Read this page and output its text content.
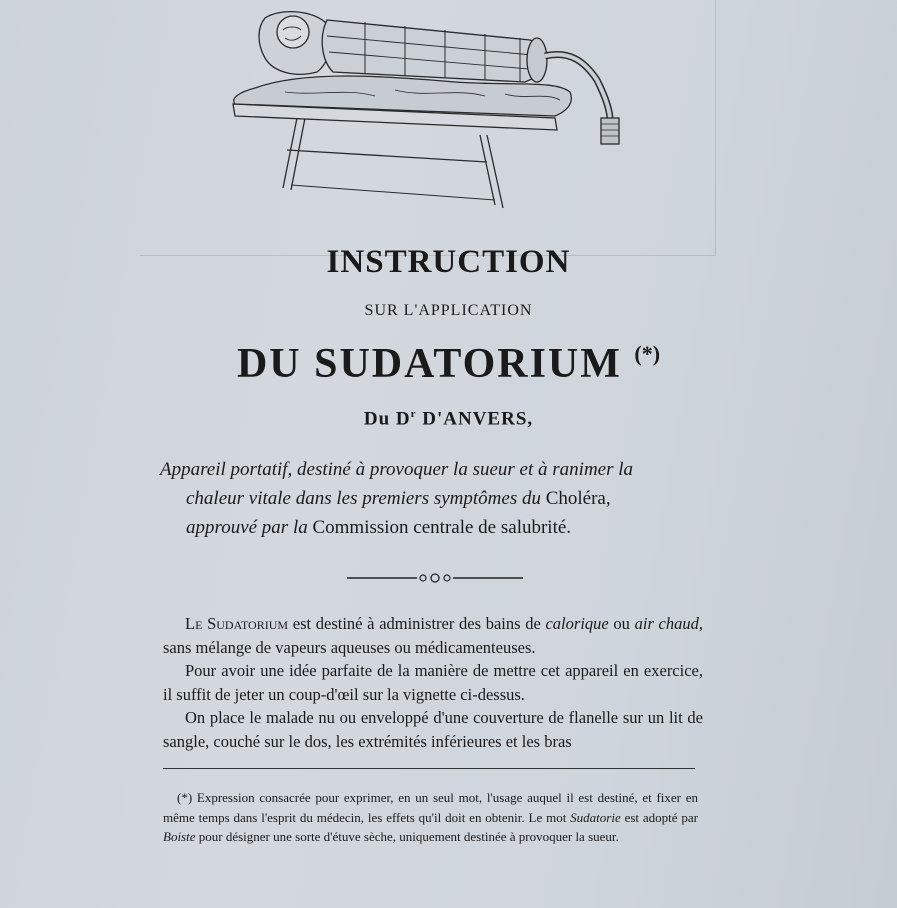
INSTRUCTION
SUR L'APPLICATION
DU SUDATORIUM (*)
Du $D^r$ D'ANVERS,
Appareil portatif, destiné à provoquer la sueur et à ranimer la
chaleur vitale dans les premiers symptômes du Choléra,
approuvé par la Commission centrale de salubrité.

Le Sudatorium est destiné à administrer des bains de calorique ou air chaud, sans mélange de vapeurs aqueuses ou médicamenteuses.

Pour avoir une idée parfaite de la manière de mettre cet appareil en exercice, il suffit de jeter un coup-d'œil sur la vignette ci-dessus.

On place le malade nu ou enveloppé d'une couverture de flanelle sur un lit de sangle, couché sur le dos, les extrémités inférieures et les bras

(*) Expression consacrée pour exprimer, en un seul mot, l'usage auquel il est destiné, et fixer en même temps dans l'esprit du médecin, les effets qu'il doit en obtenir. Le mot Sudatorie est adopté par Boiste pour désigner une sorte d'étuve sèche, uniquement destinée à provoquer la sueur.
